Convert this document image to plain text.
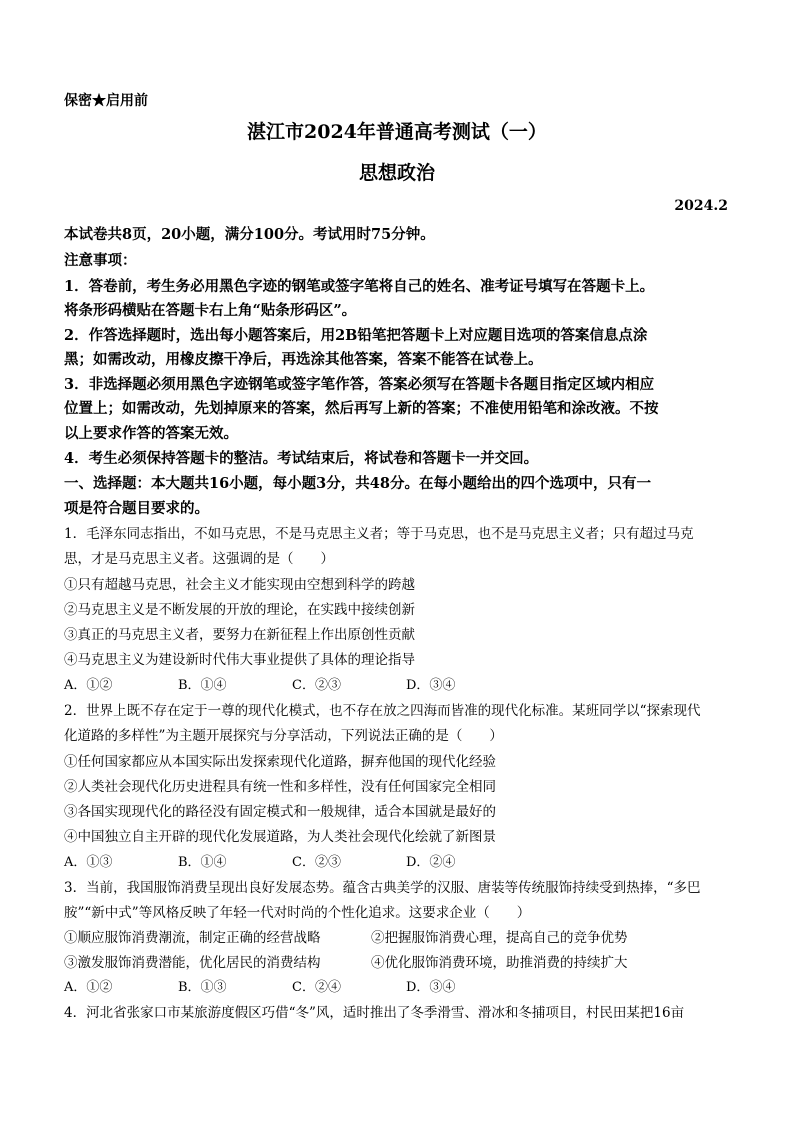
保密★启用前
湛江市2024年普通高考测试（一）
思想政治
2024.2
本试卷共8页，20小题，满分100分。考试用时75分钟。
注意事项：
1．答卷前，考生务必用黑色字迹的钢笔或签字笔将自己的姓名、准考证号填写在答题卡上。
将条形码横贴在答题卡右上角“贴条形码区”。
2．作答选择题时，选出每小题答案后，用2B铅笔把答题卡上对应题目选项的答案信息点涂
黑；如需改动，用橡皮擦干净后，再选涂其他答案，答案不能答在试卷上。
3．非选择题必须用黑色字迹钢笔或签字笔作答，答案必须写在答题卡各题目指定区域内相应
位置上；如需改动，先划掉原来的答案，然后再写上新的答案；不准使用铅笔和涂改液。不按
以上要求作答的答案无效。
4．考生必须保持答题卡的整洁。考试结束后，将试卷和答题卡一并交回。
一、选择题：本大题共16小题，每小题3分，共48分。在每小题给出的四个选项中，只有一
项是符合题目要求的。
1．毛泽东同志指出，不如马克思，不是马克思主义者；等于马克思，也不是马克思主义者；只有超过马克
思，才是马克思主义者。这强调的是（　　）
①只有超越马克思，社会主义才能实现由空想到科学的跨越
②马克思主义是不断发展的开放的理论，在实践中接续创新
③真正的马克思主义者，要努力在新征程上作出原创性贡献
④马克思主义为建设新时代伟大事业提供了具体的理论指导
A．①②	B．①④	C．②③	D．③④
2．世界上既不存在定于一尊的现代化模式，也不存在放之四海而皆准的现代化标准。某班同学以“探索现代
化道路的多样性”为主题开展探究与分享活动，下列说法正确的是（　　）
①任何国家都应从本国实际出发探索现代化道路，摒弃他国的现代化经验
②人类社会现代化历史进程具有统一性和多样性，没有任何国家完全相同
③各国实现现代化的路径没有固定模式和一般规律，适合本国就是最好的
④中国独立自主开辟的现代化发展道路，为人类社会现代化绘就了新图景
A．①③	B．①④	C．②③	D．②④
3．当前，我国服饰消费呈现出良好发展态势。蕴含古典美学的汉服、唐装等传统服饰持续受到热捧，“多巴
胺”“新中式”等风格反映了年轻一代对时尚的个性化追求。这要求企业（　　）
①顺应服饰消费潮流，制定正确的经营战略	②把握服饰消费心理，提高自己的竞争优势
③激发服饰消费潜能，优化居民的消费结构	④优化服饰消费环境，助推消费的持续扩大
A．①②	B．①③	C．②④	D．③④
4．河北省张家口市某旅游度假区巧借“冬”风，适时推出了冬季滑雪、滑冰和冬捕项目，村民田某把16亩
